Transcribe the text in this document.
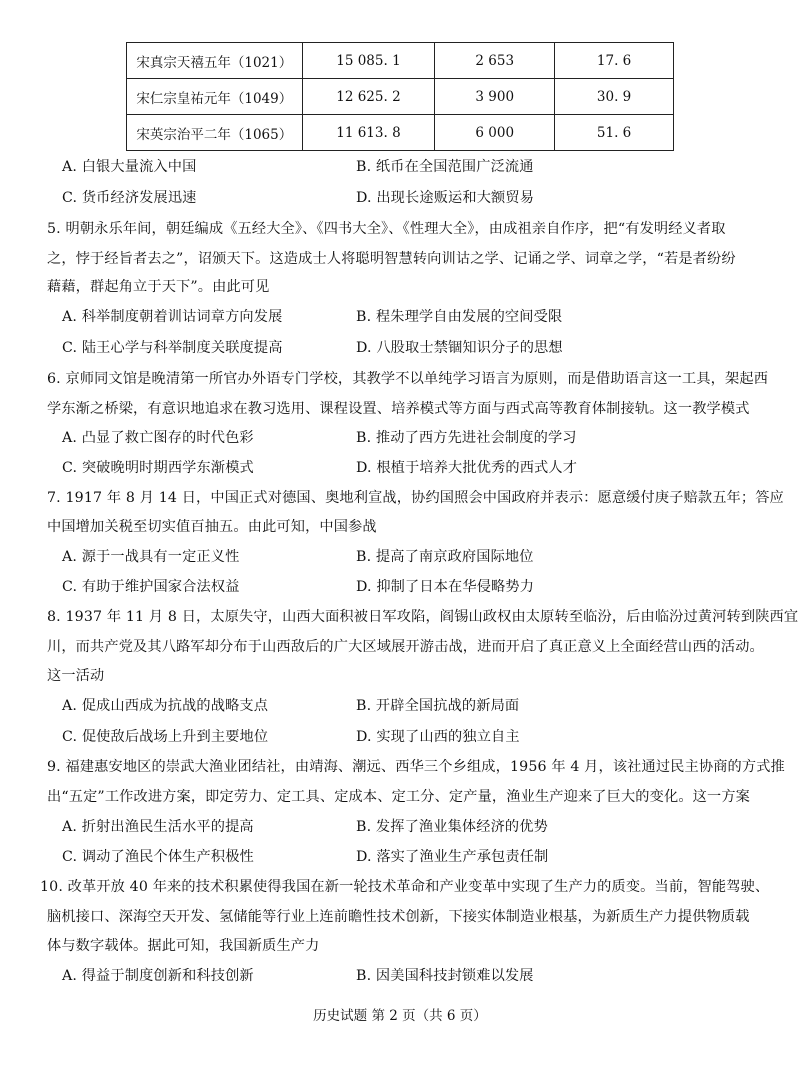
宋真宗天禧五年（1021）	15 085. 1	2 653	17. 6
宋仁宗皇祐元年（1049）	12 625. 2	3 900	30. 9
宋英宗治平二年（1065）	11 613. 8	6 000	51. 6
A. 白银大量流入中国	B. 纸币在全国范围广泛流通
C. 货币经济发展迅速	D. 出现长途贩运和大额贸易
5. 明朝永乐年间，朝廷编成《五经大全》、《四书大全》、《性理大全》，由成祖亲自作序，把“有发明经义者取
之，悖于经旨者去之”，诏颁天下。这造成士人将聪明智慧转向训诂之学、记诵之学、词章之学，“若是者纷纷
藉藉，群起角立于天下”。由此可见
A. 科举制度朝着训诂词章方向发展	B. 程朱理学自由发展的空间受限
C. 陆王心学与科举制度关联度提高	D. 八股取士禁锢知识分子的思想
6. 京师同文馆是晚清第一所官办外语专门学校，其教学不以单纯学习语言为原则，而是借助语言这一工具，架起西
学东渐之桥梁，有意识地追求在教习选用、课程设置、培养模式等方面与西式高等教育体制接轨。这一教学模式
A. 凸显了救亡图存的时代色彩	B. 推动了西方先进社会制度的学习
C. 突破晚明时期西学东渐模式	D. 根植于培养大批优秀的西式人才
7. 1917 年 8 月 14 日，中国正式对德国、奥地利宣战，协约国照会中国政府并表示：愿意缓付庚子赔款五年；答应
中国增加关税至切实值百抽五。由此可知，中国参战
A. 源于一战具有一定正义性	B. 提高了南京政府国际地位
C. 有助于维护国家合法权益	D. 抑制了日本在华侵略势力
8. 1937 年 11 月 8 日，太原失守，山西大面积被日军攻陷，阎锡山政权由太原转至临汾，后由临汾过黄河转到陕西宜
川，而共产党及其八路军却分布于山西敌后的广大区域展开游击战，进而开启了真正意义上全面经营山西的活动。
这一活动
A. 促成山西成为抗战的战略支点	B. 开辟全国抗战的新局面
C. 促使敌后战场上升到主要地位	D. 实现了山西的独立自主
9. 福建惠安地区的崇武大渔业团结社，由靖海、潮远、西华三个乡组成，1956 年 4 月，该社通过民主协商的方式推
出“五定”工作改进方案，即定劳力、定工具、定成本、定工分、定产量，渔业生产迎来了巨大的变化。这一方案
A. 折射出渔民生活水平的提高	B. 发挥了渔业集体经济的优势
C. 调动了渔民个体生产积极性	D. 落实了渔业生产承包责任制
10. 改革开放 40 年来的技术积累使得我国在新一轮技术革命和产业变革中实现了生产力的质变。当前，智能驾驶、
脑机接口、深海空天开发、氢储能等行业上连前瞻性技术创新，下接实体制造业根基，为新质生产力提供物质载
体与数字载体。据此可知，我国新质生产力
A. 得益于制度创新和科技创新	B. 因美国科技封锁难以发展
历史试题 第 2 页（共 6 页）
